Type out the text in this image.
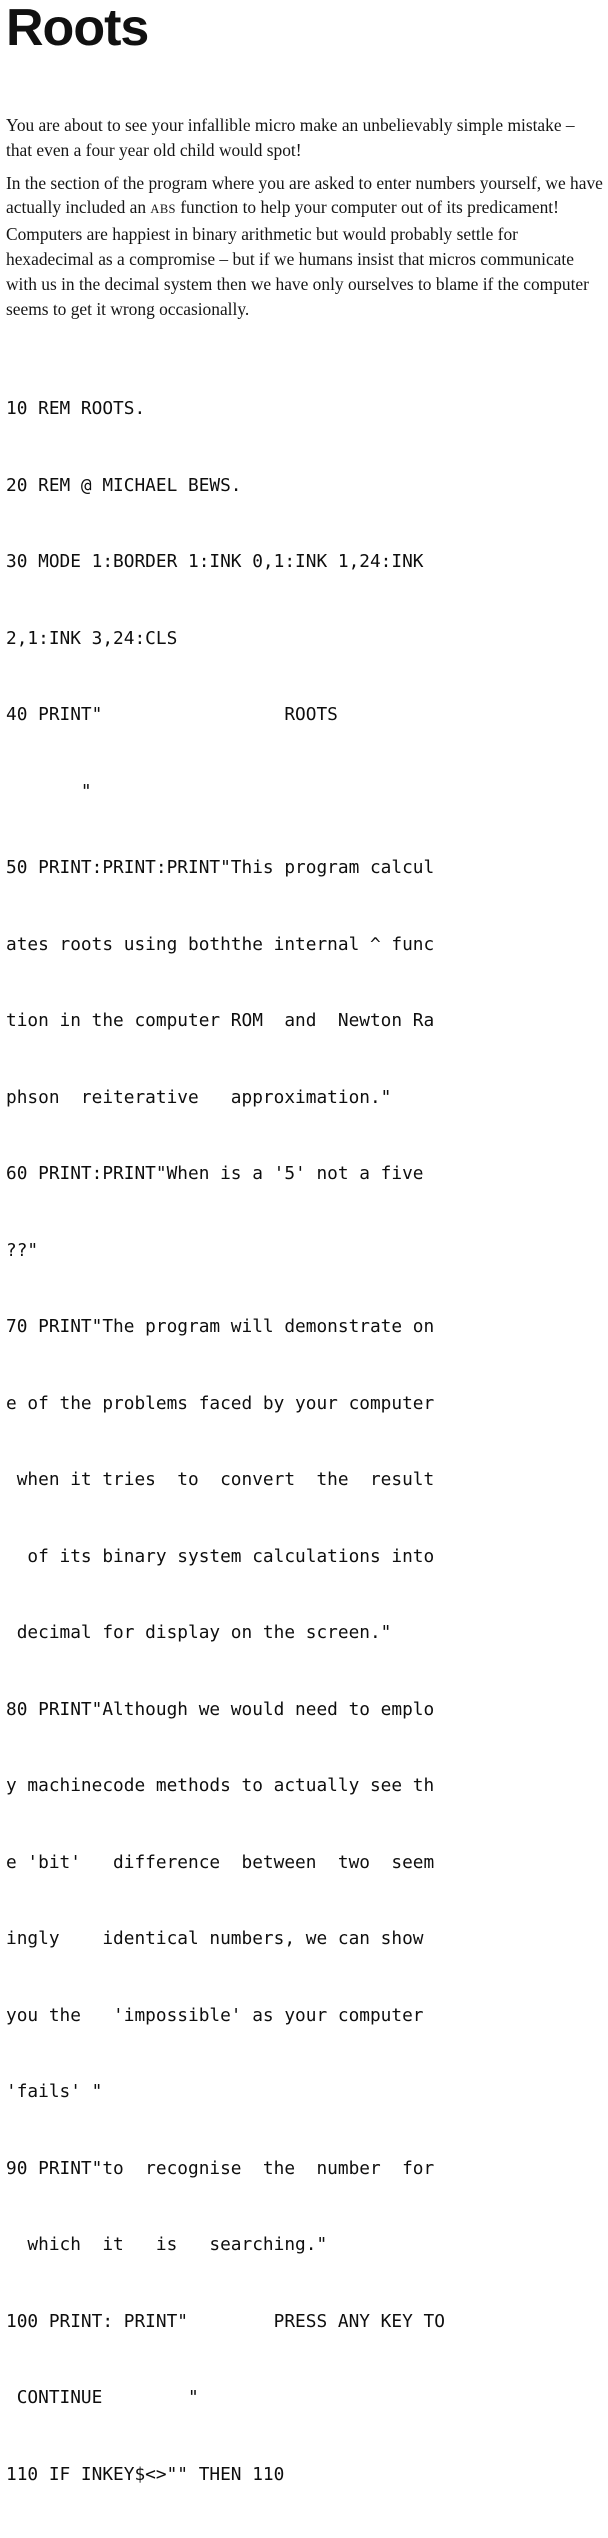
Roots

You are about to see your infallible micro make an unbelievably simple mistake – that even a four year old child would spot!

In the section of the program where you are asked to enter numbers yourself, we have actually included an ABS function to help your computer out of its predicament! Computers are happiest in binary arithmetic but would probably settle for hexadecimal as a compromise – but if we humans insist that micros communicate with us in the decimal system then we have only ourselves to blame if the computer seems to get it wrong occasionally.

10 REM ROOTS.

20 REM @ MICHAEL BEWS.

30 MODE 1:BORDER 1:INK 0,1:INK 1,24:INK

2,1:INK 3,24:CLS

40 PRINT"                 ROOTS

"

50 PRINT:PRINT:PRINT"This program calcul

ates roots using boththe internal ^ func

tion in the computer ROM  and  Newton Ra

phson  reiterative   approximation."

60 PRINT:PRINT"When is a '5' not a five

??"

70 PRINT"The program will demonstrate on

e of the problems faced by your computer

when it tries  to  convert  the  result

of its binary system calculations into

decimal for display on the screen."

80 PRINT"Although we would need to emplo

y machinecode methods to actually see th

e 'bit'   difference  between  two  seem

ingly    identical numbers, we can show

you the   'impossible' as your computer

'fails' "

90 PRINT"to  recognise  the  number  for

which  it   is   searching."

100 PRINT: PRINT"        PRESS ANY KEY TO

CONTINUE        "

110 IF INKEY$<>"" THEN 110
